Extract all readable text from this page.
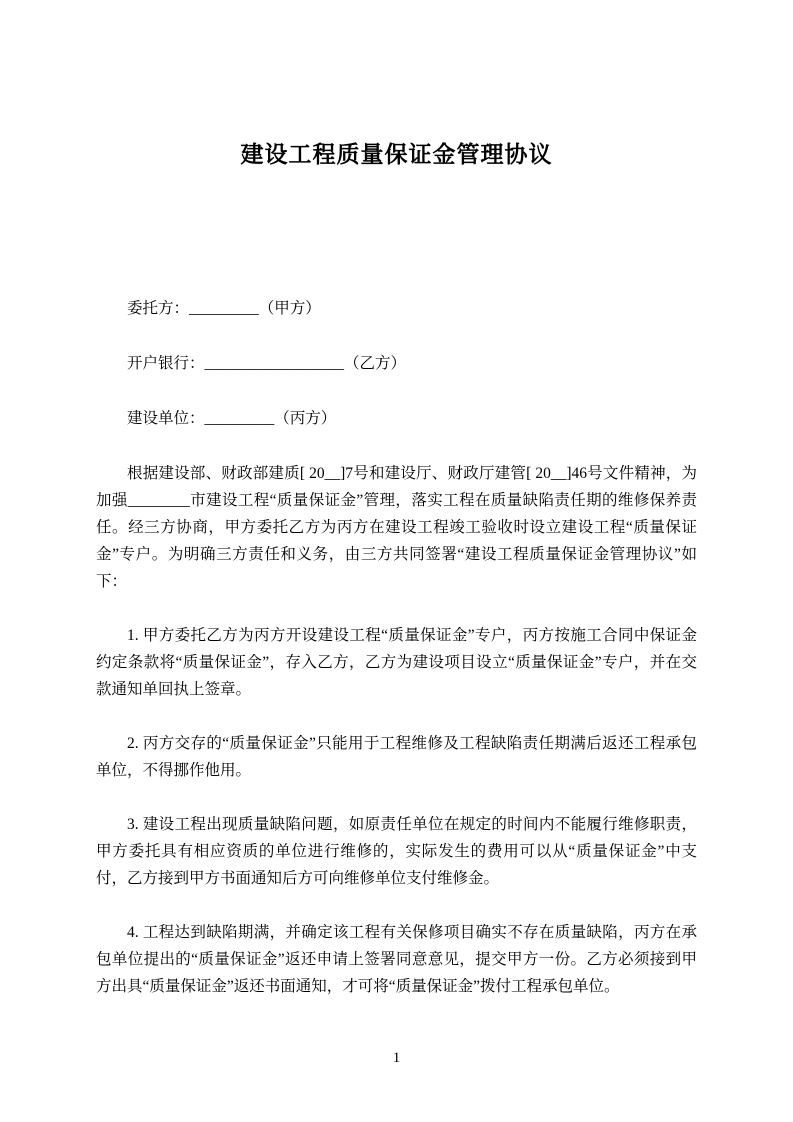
建设工程质量保证金管理协议

委托方：_________（甲方）

开户银行：__________________（乙方）

建设单位：_________（丙方）

根据建设部、财政部建质[ 20__]7号和建设厅、财政厅建管[ 20__]46号文件精神，为加强________市建设工程“质量保证金”管理，落实工程在质量缺陷责任期的维修保养责任。经三方协商，甲方委托乙方为丙方在建设工程竣工验收时设立建设工程“质量保证金”专户。为明确三方责任和义务，由三方共同签署“建设工程质量保证金管理协议”如下：

1. 甲方委托乙方为丙方开设建设工程“质量保证金”专户，丙方按施工合同中保证金约定条款将“质量保证金”，存入乙方，乙方为建设项目设立“质量保证金”专户，并在交款通知单回执上签章。

2. 丙方交存的“质量保证金”只能用于工程维修及工程缺陷责任期满后返还工程承包单位，不得挪作他用。

3. 建设工程出现质量缺陷问题，如原责任单位在规定的时间内不能履行维修职责，甲方委托具有相应资质的单位进行维修的，实际发生的费用可以从“质量保证金”中支付，乙方接到甲方书面通知后方可向维修单位支付维修金。

4. 工程达到缺陷期满，并确定该工程有关保修项目确实不存在质量缺陷，丙方在承包单位提出的“质量保证金”返还申请上签署同意意见，提交甲方一份。乙方必须接到甲方出具“质量保证金”返还书面通知，才可将“质量保证金”拨付工程承包单位。

1
